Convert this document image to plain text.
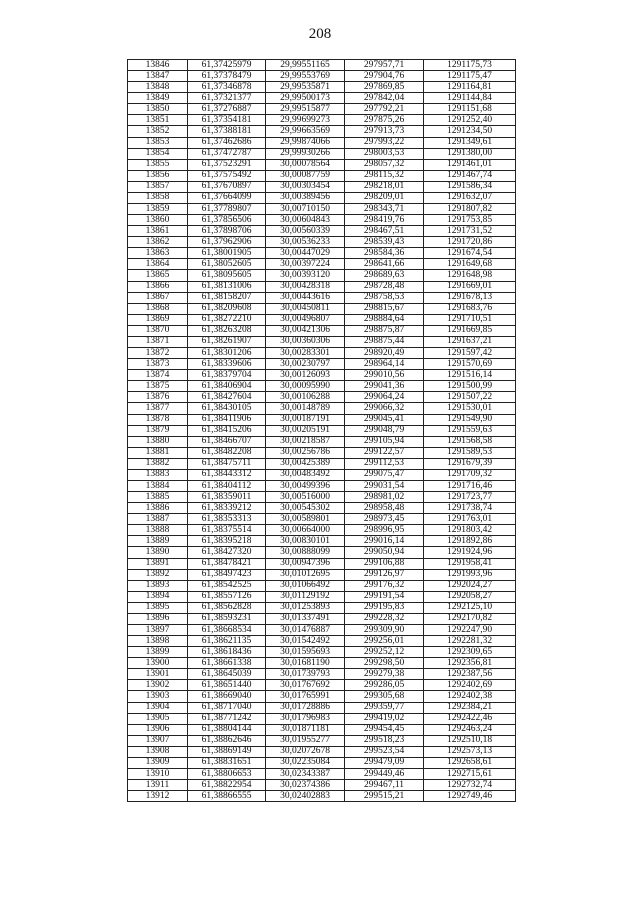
208
13846	61,37425979	29,99551165	297957,71	1291175,73
13847	61,37378479	29,99553769	297904,76	1291175,47
13848	61,37346878	29,99535871	297869,85	1291164,81
13849	61,37321377	29,99500173	297842,04	1291144,84
13850	61,37276887	29,99515877	297792,21	1291151,68
13851	61,37354181	29,99699273	297875,26	1291252,40
13852	61,37388181	29,99663569	297913,73	1291234,50
13853	61,37462686	29,99874066	297993,22	1291349,61
13854	61,37472787	29,99930266	298003,53	1291380,00
13855	61,37523291	30,00078564	298057,32	1291461,01
13856	61,37575492	30,00087759	298115,32	1291467,74
13857	61,37670897	30,00303454	298218,01	1291586,34
13858	61,37664099	30,00389456	298209,01	1291632,07
13859	61,37789807	30,00710150	298343,71	1291807,82
13860	61,37856506	30,00604843	298419,76	1291753,85
13861	61,37898706	30,00560339	298467,51	1291731,52
13862	61,37962906	30,00536233	298539,43	1291720,86
13863	61,38001905	30,00447029	298584,36	1291674,54
13864	61,38052605	30,00397224	298641,66	1291649,68
13865	61,38095605	30,00393120	298689,63	1291648,98
13866	61,38131006	30,00428318	298728,48	1291669,01
13867	61,38158207	30,00443616	298758,53	1291678,13
13868	61,38209608	30,00450811	298815,67	1291683,76
13869	61,38272210	30,00496807	298884,64	1291710,51
13870	61,38263208	30,00421306	298875,87	1291669,85
13871	61,38261907	30,00360306	298875,44	1291637,21
13872	61,38301206	30,00283301	298920,49	1291597,42
13873	61,38339606	30,00230797	298964,14	1291570,69
13874	61,38379704	30,00126093	299010,56	1291516,14
13875	61,38406904	30,00095990	299041,36	1291500,99
13876	61,38427604	30,00106288	299064,24	1291507,22
13877	61,38430105	30,00148789	299066,32	1291530,01
13878	61,38411906	30,00187191	299045,41	1291549,90
13879	61,38415206	30,00205191	299048,79	1291559,63
13880	61,38466707	30,00218587	299105,94	1291568,58
13881	61,38482208	30,00256786	299122,57	1291589,53
13882	61,38475711	30,00425389	299112,53	1291679,39
13883	61,38443312	30,00483492	299075,47	1291709,32
13884	61,38404112	30,00499396	299031,54	1291716,46
13885	61,38359011	30,00516000	298981,02	1291723,77
13886	61,38339212	30,00545302	298958,48	1291738,74
13887	61,38353313	30,00589801	298973,45	1291763,01
13888	61,38375514	30,00664000	298996,95	1291803,42
13889	61,38395218	30,00830101	299016,14	1291892,86
13890	61,38427320	30,00888099	299050,94	1291924,96
13891	61,38478421	30,00947396	299106,88	1291958,41
13892	61,38497423	30,01012695	299126,97	1291993,96
13893	61,38542525	30,01066492	299176,32	1292024,27
13894	61,38557126	30,01129192	299191,54	1292058,27
13895	61,38562828	30,01253893	299195,83	1292125,10
13896	61,38593231	30,01337491	299228,32	1292170,82
13897	61,38668534	30,01476887	299309,90	1292247,90
13898	61,38621135	30,01542492	299256,01	1292281,32
13899	61,38618436	30,01595693	299252,12	1292309,65
13900	61,38661338	30,01681190	299298,50	1292356,81
13901	61,38645039	30,01739793	299279,38	1292387,56
13902	61,38651440	30,01767692	299286,05	1292402,69
13903	61,38669040	30,01765991	299305,68	1292402,38
13904	61,38717040	30,01728886	299359,77	1292384,21
13905	61,38771242	30,01796983	299419,02	1292422,46
13906	61,38804144	30,01871181	299454,45	1292463,24
13907	61,38862646	30,01955277	299518,23	1292510,18
13908	61,38869149	30,02072678	299523,54	1292573,13
13909	61,38831651	30,02235084	299479,09	1292658,61
13910	61,38806653	30,02343387	299449,46	1292715,61
13911	61,38822954	30,02374386	299467,11	1292732,74
13912	61,38866555	30,02402883	299515,21	1292749,46
